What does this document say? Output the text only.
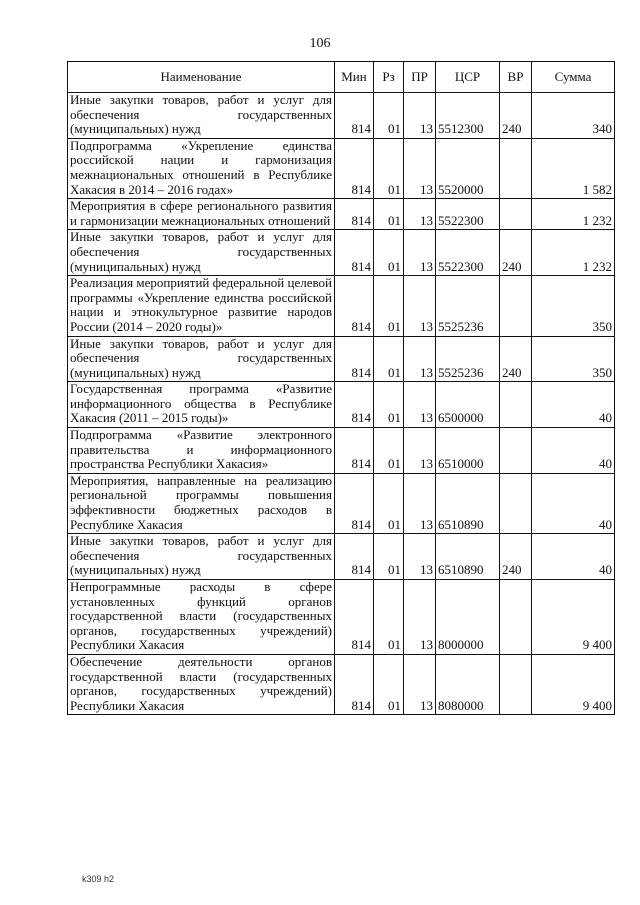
106
Наименование	Мин	Рз	ПР	ЦСР	ВР	Сумма
Иные закупки товаров, работ и услуг для обеспечения государственных (муниципальных) нужд	814	01	13	5512300	240	340
Подпрограмма «Укрепление единства российской нации и гармонизация межнациональных отношений в Республике Хакасия в 2014 – 2016 годах»	814	01	13	5520000		1 582
Мероприятия в сфере регионального развития и гармонизации межнациональных отношений	814	01	13	5522300		1 232
Иные закупки товаров, работ и услуг для обеспечения государственных (муниципальных) нужд	814	01	13	5522300	240	1 232
Реализация мероприятий федеральной целевой программы «Укрепление единства российской нации и этнокультурное развитие народов России (2014 – 2020 годы)»	814	01	13	5525236		350
Иные закупки товаров, работ и услуг для обеспечения государственных (муниципальных) нужд	814	01	13	5525236	240	350
Государственная программа «Развитие информационного общества в Республике Хакасия (2011 – 2015 годы)»	814	01	13	6500000		40
Подпрограмма «Развитие электронного правительства и информационного пространства Республики Хакасия»	814	01	13	6510000		40
Мероприятия, направленные на реализацию региональной программы повышения эффективности бюджетных расходов в Республике Хакасия	814	01	13	6510890		40
Иные закупки товаров, работ и услуг для обеспечения государственных (муниципальных) нужд	814	01	13	6510890	240	40
Непрограммные расходы в сфере установленных функций органов государственной власти (государственных органов, государственных учреждений) Республики Хакасия	814	01	13	8000000		9 400
Обеспечение деятельности органов государственной власти (государственных органов, государственных учреждений) Республики Хакасия	814	01	13	8080000		9 400
k309 h2
